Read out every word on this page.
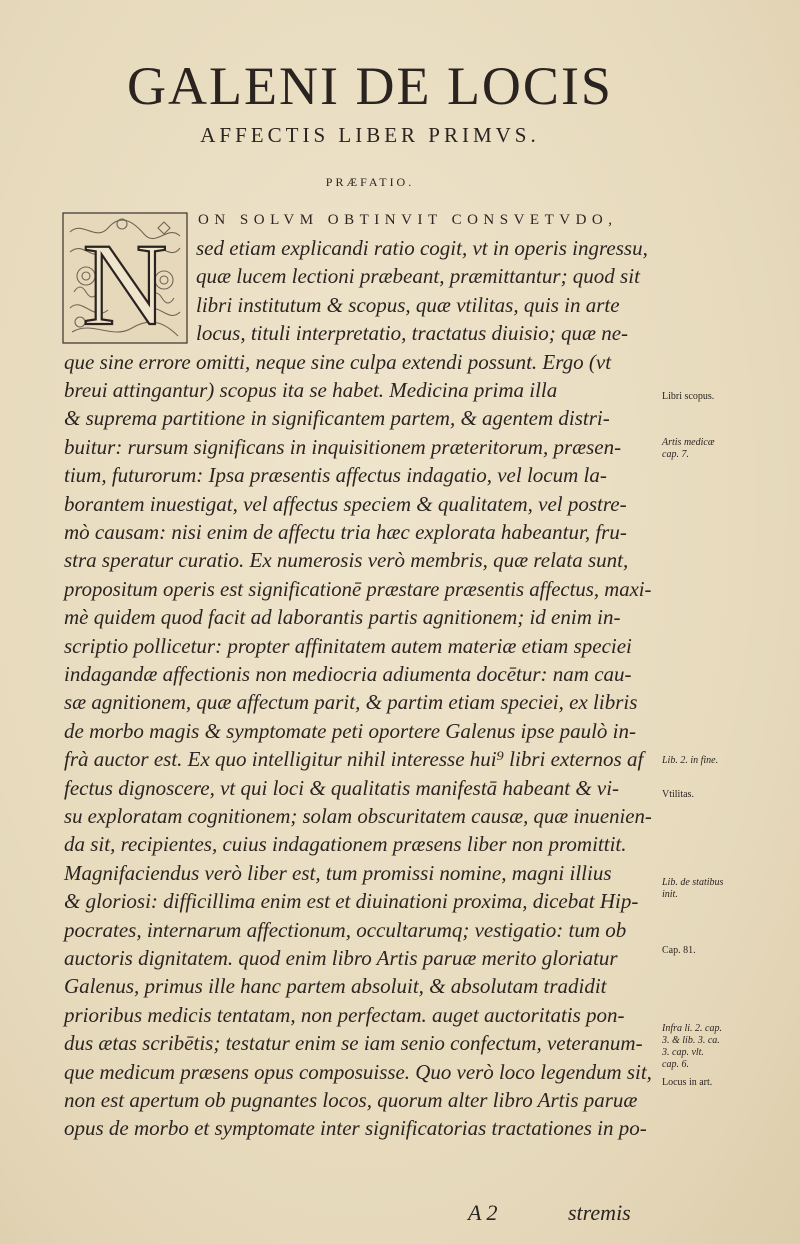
GALENI DE LOCIS
AFFECTIS LIBER PRIMVS.
PRÆFATIO.
N ON SOLVM OBTINVIT CONSVETVDO,
sed etiam explicandi ratio cogit, vt in operis ingressu,
quæ lucem lectioni præbeant, præmittantur; quod sit
libri institutum & scopus, quæ vtilitas, quis in arte
locus, tituli interpretatio, tractatus diuisio; quæ ne-
que sine errore omitti, neque sine culpa extendi possunt. Ergo (vt
breui attingantur) scopus ita se habet. Medicina prima illa
& suprema partitione in significantem partem, & agentem distri-
buitur: rursum significans in inquisitionem præteritorum, præsen-
tium, futurorum: Ipsa præsentis affectus indagatio, vel locum la-
borantem inuestigat, vel affectus speciem & qualitatem, vel postre-
mò causam: nisi enim de affectu tria hæc explorata habeantur, fru-
stra speratur curatio. Ex numerosis verò membris, quæ relata sunt,
propositum operis est significationē præstare præsentis affectus, maxi-
mè quidem quod facit ad laborantis partis agnitionem; id enim in-
scriptio pollicetur: propter affinitatem autem materiæ etiam speciei
indagandæ affectionis non mediocria adiumenta docētur: nam cau-
sæ agnitionem, quæ affectum parit, & partim etiam speciei, ex libris
de morbo magis & symptomate peti oportere Galenus ipse paulò in-
frà auctor est. Ex quo intelligitur nihil interesse hui⁹ libri externos af
fectus dignoscere, vt qui loci & qualitatis manifestā habeant & vi-
su exploratam cognitionem; solam obscuritatem causæ, quæ inuenien-
da sit, recipientes, cuius indagationem præsens liber non promittit.
Magnifaciendus verò liber est, tum promissi nomine, magni illius
& gloriosi: difficillima enim est et diuinationi proxima, dicebat Hip-
pocrates, internarum affectionum, occultarumq; vestigatio: tum ob
auctoris dignitatem. quod enim libro Artis paruæ merito gloriatur
Galenus, primus ille hanc partem absoluit, & absolutam tradidit
prioribus medicis tentatam, non perfectam. auget auctoritatis pon-
dus ætas scribētis; testatur enim se iam senio confectum, veteranum-
que medicum præsens opus composuisse. Quo verò loco legendum sit,
non est apertum ob pugnantes locos, quorum alter libro Artis paruæ
opus de morbo et symptomate inter significatorias tractationes in po-
Libri scopus.
Artis medicæ
cap. 7.
Lib. 2. in fine.
Vtilitas.
Lib. de statibus
init.
Cap. 81.
Infra li. 2. cap.
3. & lib. 3. ca.
3. cap. vlt.
cap. 6.
Locus in art.
A 2	stremis
